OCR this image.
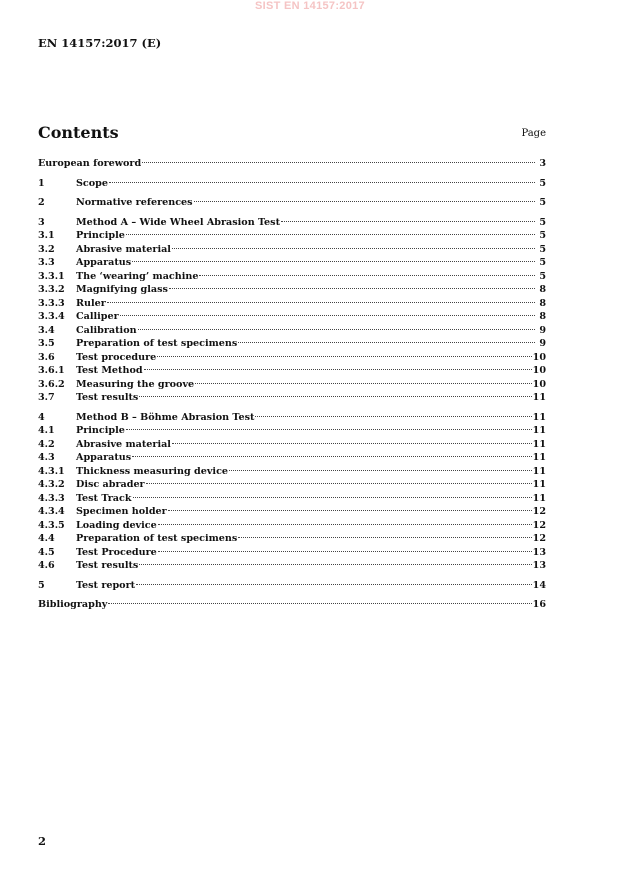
SIST EN 14157:2017
EN 14157:2017 (E)
Contents	Page
European foreword	3
1	Scope	5
2	Normative references	5
3	Method A – Wide Wheel Abrasion Test	5
3.1	Principle	5
3.2	Abrasive material	5
3.3	Apparatus	5
3.3.1	The ‘wearing’ machine	5
3.3.2	Magnifying glass	8
3.3.3	Ruler	8
3.3.4	Calliper	8
3.4	Calibration	9
3.5	Preparation of test specimens	9
3.6	Test procedure	10
3.6.1	Test Method	10
3.6.2	Measuring the groove	10
3.7	Test results	11
4	Method B – Böhme Abrasion Test	11
4.1	Principle	11
4.2	Abrasive material	11
4.3	Apparatus	11
4.3.1	Thickness measuring device	11
4.3.2	Disc abrader	11
4.3.3	Test Track	11
4.3.4	Specimen holder	12
4.3.5	Loading device	12
4.4	Preparation of test specimens	12
4.5	Test Procedure	13
4.6	Test results	13
5	Test report	14
Bibliography	16
2
